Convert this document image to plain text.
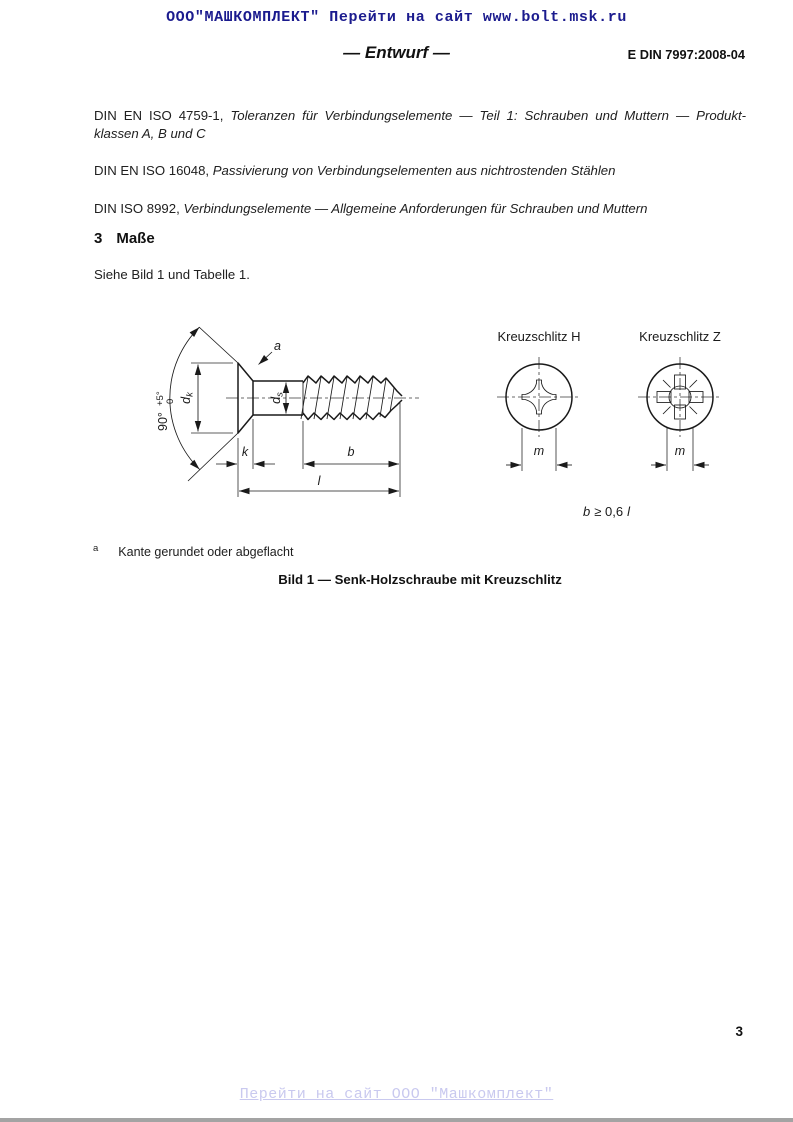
ООО"МАШКОМПЛЕКТ" Перейти на сайт www.bolt.msk.ru
— Entwurf —	E DIN 7997:2008-04
DIN EN ISO 4759-1, Toleranzen für Verbindungselemente — Teil 1: Schrauben und Muttern — Produkt-
klassen A, B und C
DIN EN ISO 16048, Passivierung von Verbindungselementen aus nichtrostenden Stählen
DIN ISO 8992, Verbindungselemente — Allgemeine Anforderungen für Schrauben und Muttern
3 Maße
Siehe Bild 1 und Tabelle 1.
90°+5°0
a
$d_k$
$d_s$
k	b
l
Kreuzschlitz H
m
Kreuzschlitz Z
m
b ≥ 0,6 l
$^a$ Kante gerundet oder abgeflacht
Bild 1 — Senk-Holzschraube mit Kreuzschlitz
3
Перейти на сайт ООО "Машкомплект"
